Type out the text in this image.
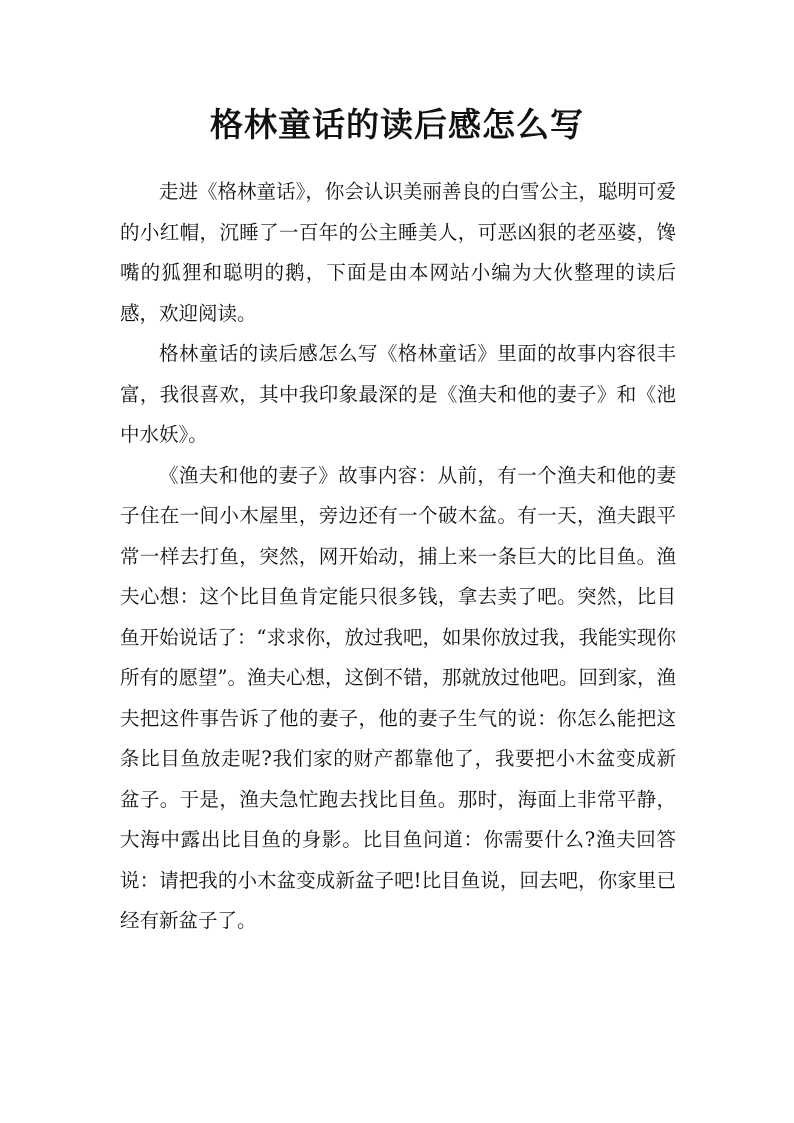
格林童话的读后感怎么写

走进《格林童话》，你会认识美丽善良的白雪公主，聪明可爱的小红帽，沉睡了一百年的公主睡美人，可恶凶狠的老巫婆，馋嘴的狐狸和聪明的鹅，下面是由本网站小编为大伙整理的读后感，欢迎阅读。

格林童话的读后感怎么写《格林童话》里面的故事内容很丰富，我很喜欢，其中我印象最深的是《渔夫和他的妻子》和《池中水妖》。

《渔夫和他的妻子》故事内容：从前，有一个渔夫和他的妻子住在一间小木屋里，旁边还有一个破木盆。有一天，渔夫跟平常一样去打鱼，突然，网开始动，捕上来一条巨大的比目鱼。渔夫心想：这个比目鱼肯定能只很多钱，拿去卖了吧。突然，比目鱼开始说话了：“求求你，放过我吧，如果你放过我，我能实现你所有的愿望”。渔夫心想，这倒不错，那就放过他吧。回到家，渔夫把这件事告诉了他的妻子，他的妻子生气的说：你怎么能把这条比目鱼放走呢?我们家的财产都靠他了，我要把小木盆变成新盆子。于是，渔夫急忙跑去找比目鱼。那时，海面上非常平静，大海中露出比目鱼的身影。比目鱼问道：你需要什么?渔夫回答说：请把我的小木盆变成新盆子吧!比目鱼说，回去吧，你家里已经有新盆子了。
